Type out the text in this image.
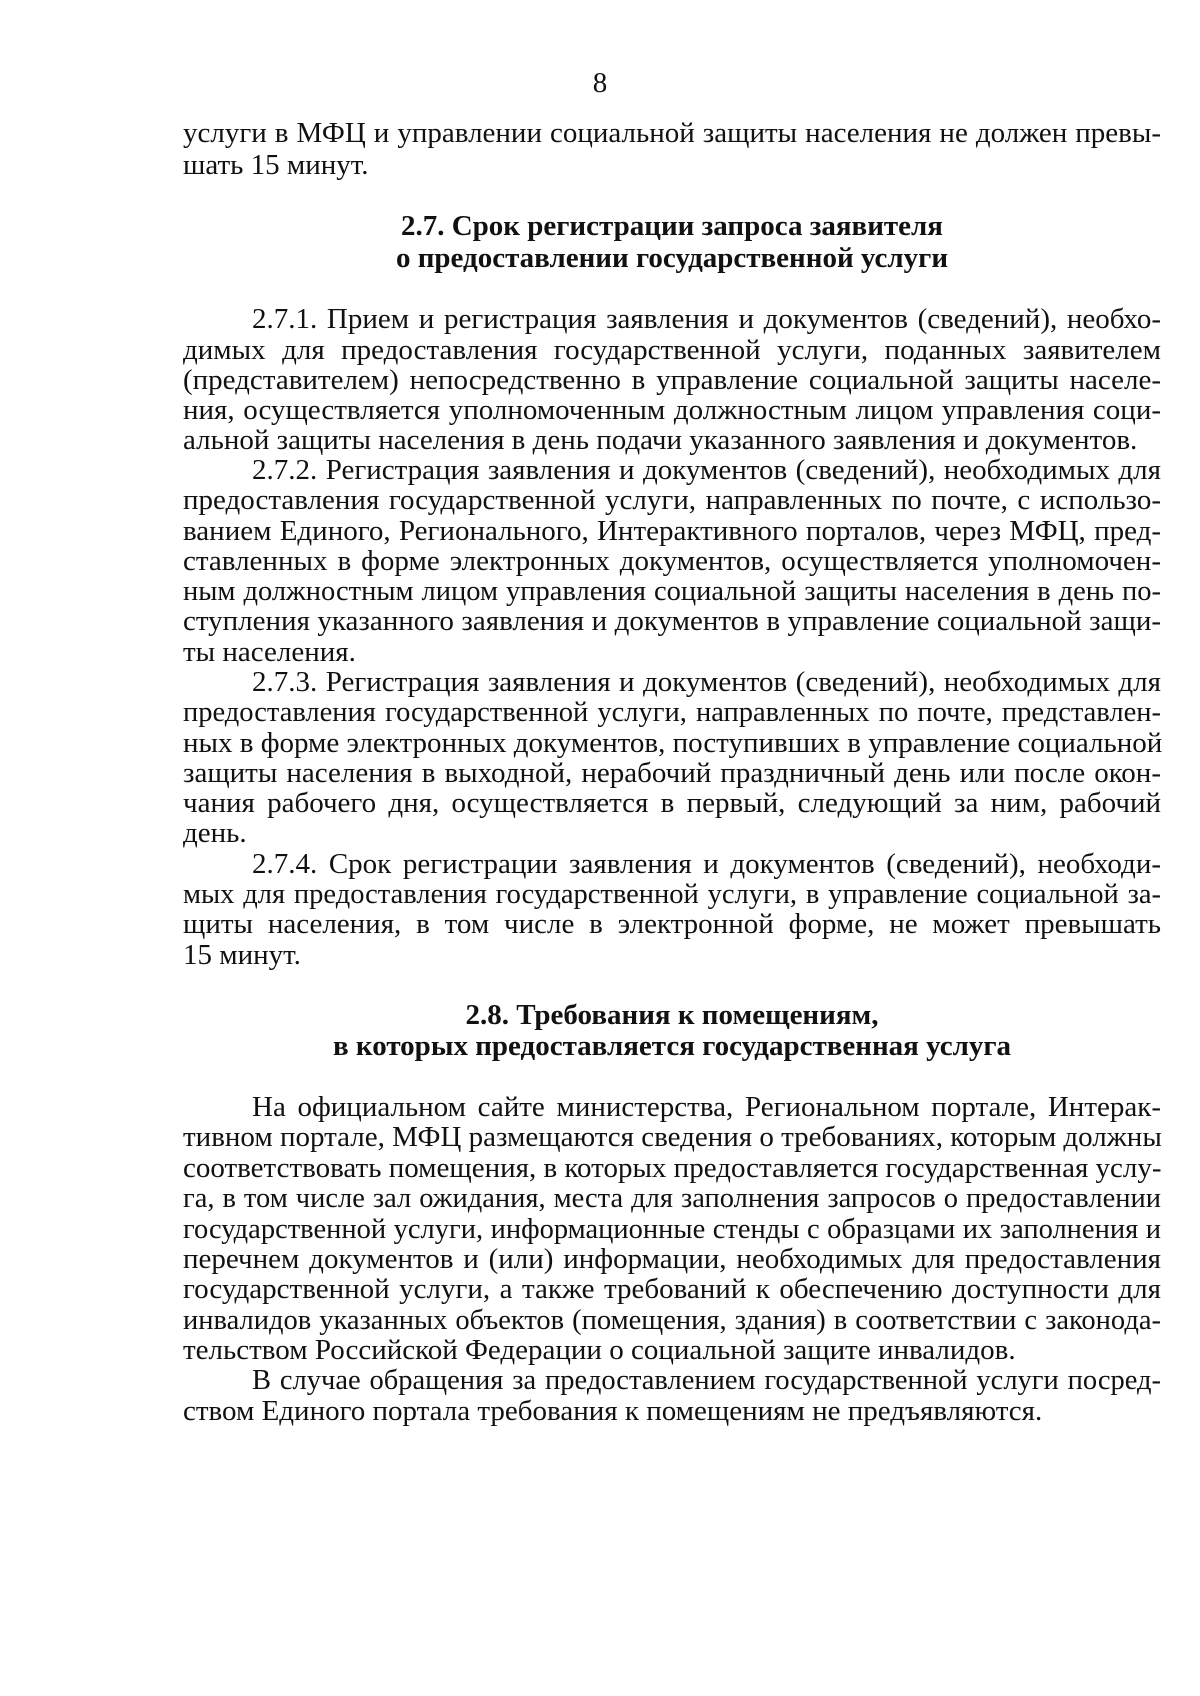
8
услуги в МФЦ и управлении социальной защиты населения не должен превы-
шать 15 минут.
2.7. Срок регистрации запроса заявителя
о предоставлении государственной услуги
2.7.1. Прием и регистрация заявления и документов (сведений), необхо-
димых для предоставления государственной услуги, поданных заявителем
(представителем) непосредственно в управление социальной защиты населе-
ния, осуществляется уполномоченным должностным лицом управления соци-
альной защиты населения в день подачи указанного заявления и документов.
2.7.2. Регистрация заявления и документов (сведений), необходимых для
предоставления государственной услуги, направленных по почте, с использо-
ванием Единого, Регионального, Интерактивного порталов, через МФЦ, пред-
ставленных в форме электронных документов, осуществляется уполномочен-
ным должностным лицом управления социальной защиты населения в день по-
ступления указанного заявления и документов в управление социальной защи-
ты населения.
2.7.3. Регистрация заявления и документов (сведений), необходимых для
предоставления государственной услуги, направленных по почте, представлен-
ных в форме электронных документов, поступивших в управление социальной
защиты населения в выходной, нерабочий праздничный день или после окон-
чания рабочего дня, осуществляется в первый, следующий за ним, рабочий
день.
2.7.4. Срок регистрации заявления и документов (сведений), необходи-
мых для предоставления государственной услуги, в управление социальной за-
щиты населения, в том числе в электронной форме, не может превышать
15 минут.
2.8. Требования к помещениям,
в которых предоставляется государственная услуга
На официальном сайте министерства, Региональном портале, Интерак-
тивном портале, МФЦ размещаются сведения о требованиях, которым должны
соответствовать помещения, в которых предоставляется государственная услу-
га, в том числе зал ожидания, места для заполнения запросов о предоставлении
государственной услуги, информационные стенды с образцами их заполнения и
перечнем документов и (или) информации, необходимых для предоставления
государственной услуги, а также требований к обеспечению доступности для
инвалидов указанных объектов (помещения, здания) в соответствии с законода-
тельством Российской Федерации о социальной защите инвалидов.
В случае обращения за предоставлением государственной услуги посред-
ством Единого портала требования к помещениям не предъявляются.
